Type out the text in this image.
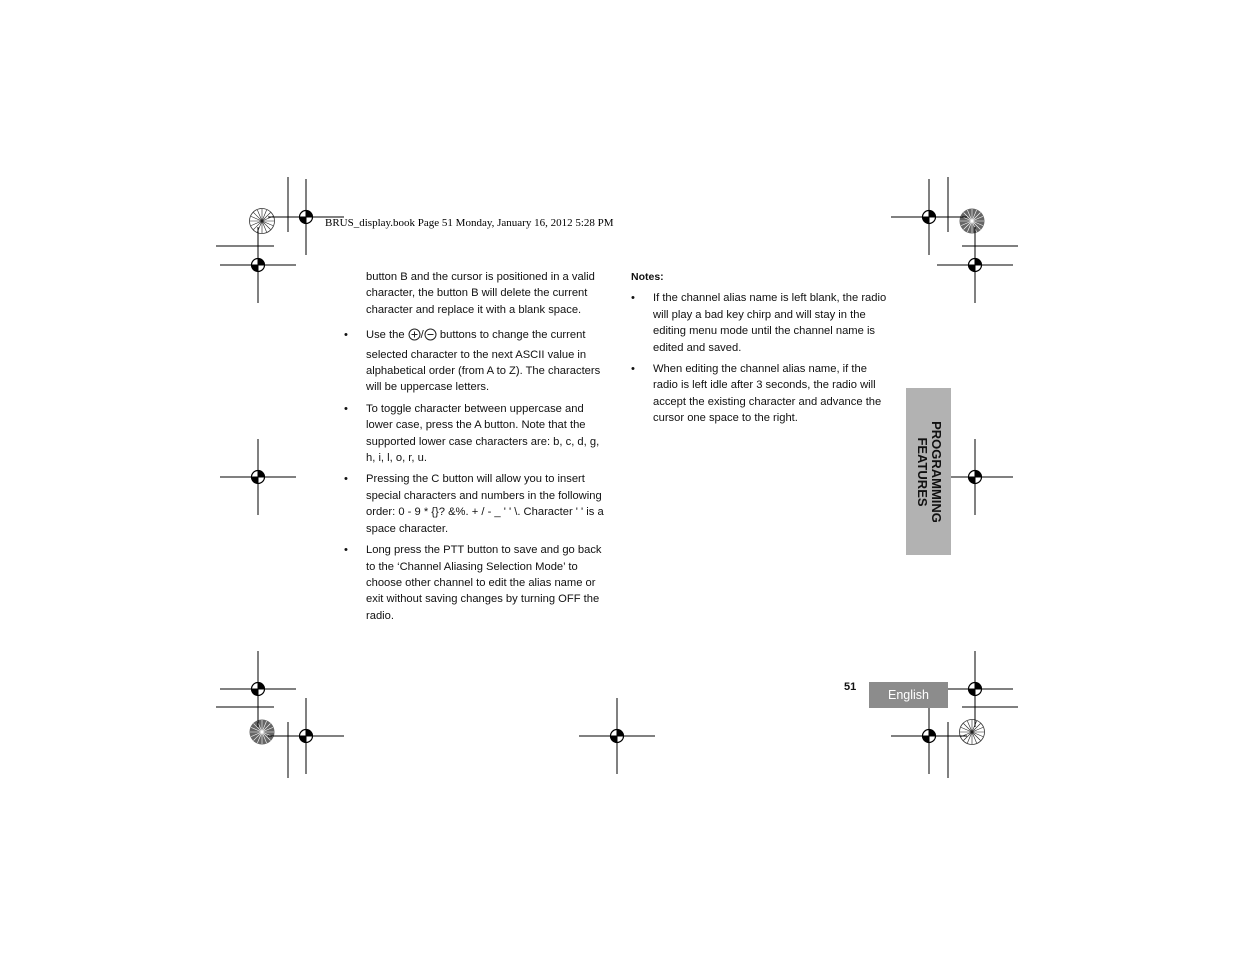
BRUS_display.book Page 51 Monday, January 16, 2012 5:28 PM

button B and the cursor is positioned in a valid character, the button B will delete the current character and replace it with a blank space.

• Use the / buttons to change the current selected character to the next ASCII value in alphabetical order (from A to Z). The characters will be uppercase letters.

• To toggle character between uppercase and lower case, press the A button. Note that the supported lower case characters are: b, c, d, g, h, i, l, o, r, u.

• Pressing the C button will allow you to insert special characters and numbers in the following order: 0 - 9 * {}? &%. + / - _ ' ' \. Character ' ' is a space character.

• Long press the PTT button to save and go back to the ‘Channel Aliasing Selection Mode’ to choose other channel to edit the alias name or exit without saving changes by turning OFF the radio.

Notes:

• If the channel alias name is left blank, the radio will play a bad key chirp and will stay in the editing menu mode until the channel name is edited and saved.

• When editing the channel alias name, if the radio is left idle after 3 seconds, the radio will accept the existing character and advance the cursor one space to the right.

PROGRAMMING
FEATURES
51
English
